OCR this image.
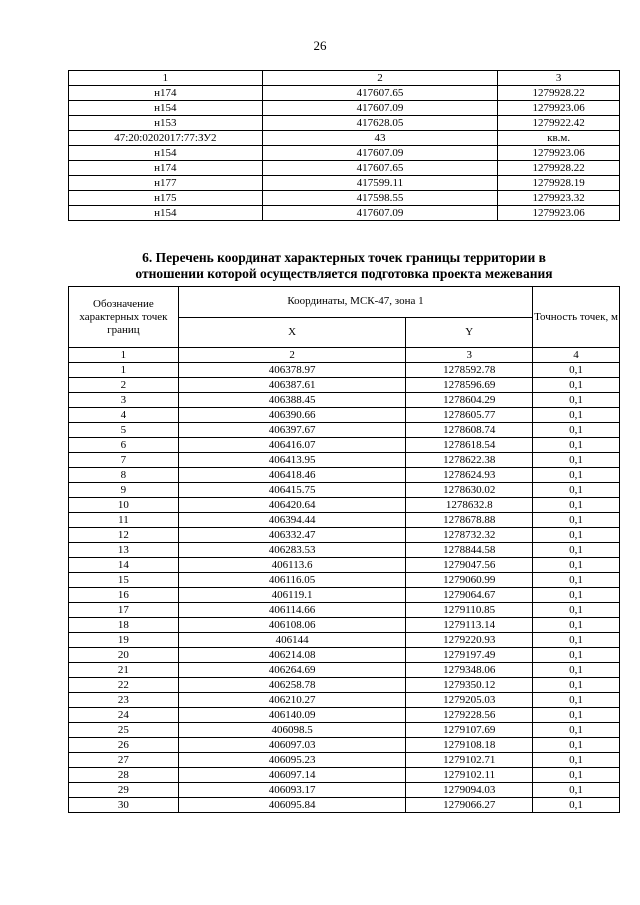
26
1	2	3
н174	417607.65	1279928.22
н154	417607.09	1279923.06
н153	417628.05	1279922.42
47:20:0202017:77:ЗУ2	43	кв.м.
н154	417607.09	1279923.06
н174	417607.65	1279928.22
н177	417599.11	1279928.19
н175	417598.55	1279923.32
н154	417607.09	1279923.06
6. Перечень координат характерных точек границы территории в
отношении которой осуществляется подготовка проекта межевания
Обозначение характерных точек границ	Координаты, МСК-47, зона 1		Точность точек, м
	X	Y	
1	2	3	4
1	406378.97	1278592.78	0,1
2	406387.61	1278596.69	0,1
3	406388.45	1278604.29	0,1
4	406390.66	1278605.77	0,1
5	406397.67	1278608.74	0,1
6	406416.07	1278618.54	0,1
7	406413.95	1278622.38	0,1
8	406418.46	1278624.93	0,1
9	406415.75	1278630.02	0,1
10	406420.64	1278632.8	0,1
11	406394.44	1278678.88	0,1
12	406332.47	1278732.32	0,1
13	406283.53	1278844.58	0,1
14	406113.6	1279047.56	0,1
15	406116.05	1279060.99	0,1
16	406119.1	1279064.67	0,1
17	406114.66	1279110.85	0,1
18	406108.06	1279113.14	0,1
19	406144	1279220.93	0,1
20	406214.08	1279197.49	0,1
21	406264.69	1279348.06	0,1
22	406258.78	1279350.12	0,1
23	406210.27	1279205.03	0,1
24	406140.09	1279228.56	0,1
25	406098.5	1279107.69	0,1
26	406097.03	1279108.18	0,1
27	406095.23	1279102.71	0,1
28	406097.14	1279102.11	0,1
29	406093.17	1279094.03	0,1
30	406095.84	1279066.27	0,1
